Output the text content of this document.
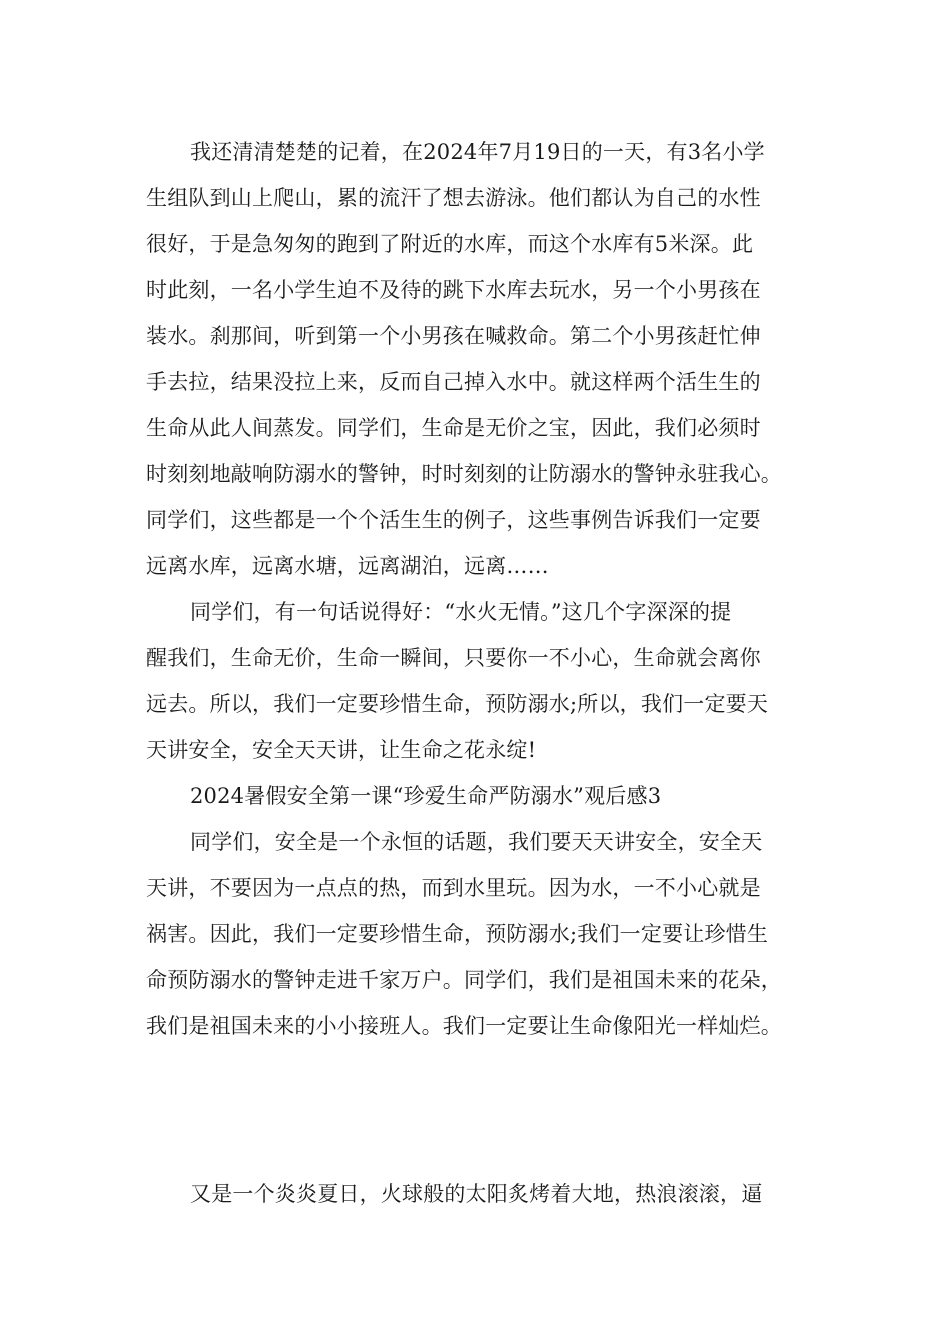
我还清清楚楚的记着，在2024年7月19日的一天，有3名小学
生组队到山上爬山，累的流汗了想去游泳。他们都认为自己的水性
很好，于是急匆匆的跑到了附近的水库，而这个水库有5米深。此
时此刻，一名小学生迫不及待的跳下水库去玩水，另一个小男孩在
装水。刹那间，听到第一个小男孩在喊救命。第二个小男孩赶忙伸
手去拉，结果没拉上来，反而自己掉入水中。就这样两个活生生的
生命从此人间蒸发。同学们，生命是无价之宝，因此，我们必须时
时刻刻地敲响防溺水的警钟，时时刻刻的让防溺水的警钟永驻我心。
同学们，这些都是一个个活生生的例子，这些事例告诉我们一定要
远离水库，远离水塘，远离湖泊，远离……
同学们，有一句话说得好：“水火无情。”这几个字深深的提
醒我们，生命无价，生命一瞬间，只要你一不小心，生命就会离你
远去。所以，我们一定要珍惜生命，预防溺水;所以，我们一定要天
天讲安全，安全天天讲，让生命之花永绽!
2024暑假安全第一课“珍爱生命严防溺水”观后感3
同学们，安全是一个永恒的话题，我们要天天讲安全，安全天
天讲，不要因为一点点的热，而到水里玩。因为水，一不小心就是
祸害。因此，我们一定要珍惜生命，预防溺水;我们一定要让珍惜生
命预防溺水的警钟走进千家万户。同学们，我们是祖国未来的花朵，
我们是祖国未来的小小接班人。我们一定要让生命像阳光一样灿烂。
又是一个炎炎夏日，火球般的太阳炙烤着大地，热浪滚滚，逼
